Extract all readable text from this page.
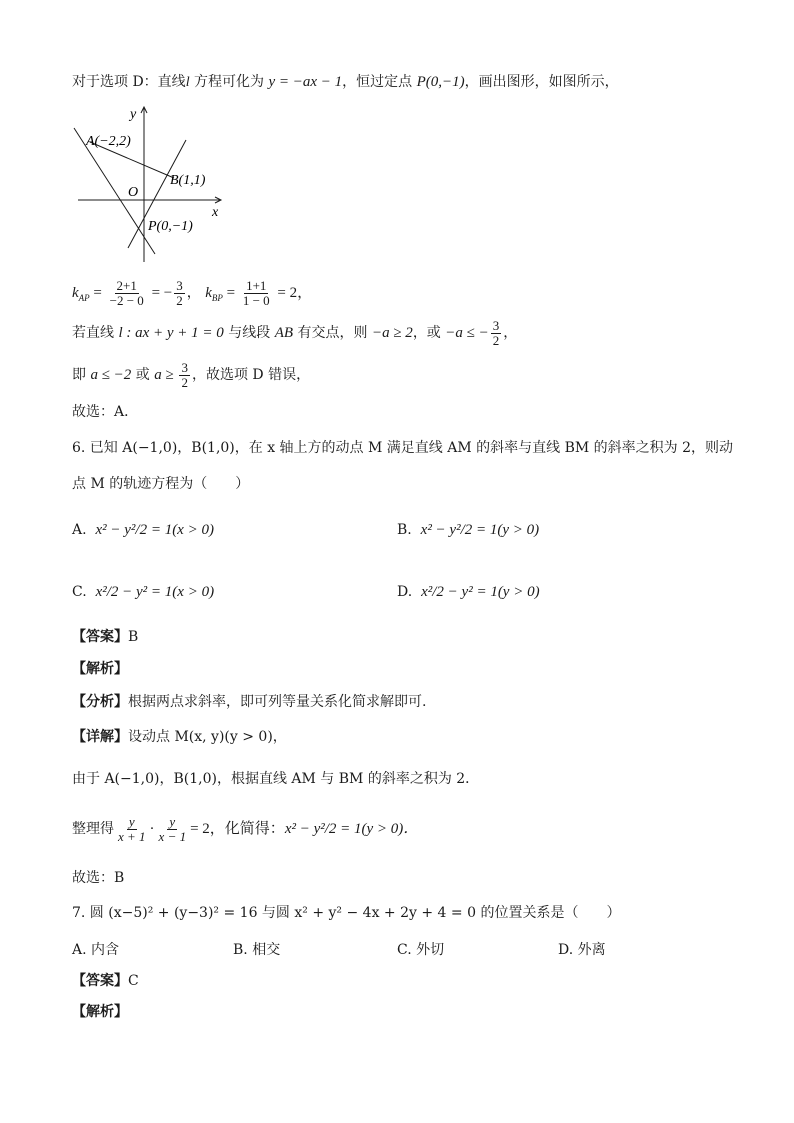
对于选项 D：直线l 方程可化为 y = −ax − 1，恒过定点 P(0,−1)，画出图形，如图所示，
y
x
O
A(−2,2)
B(1,1)
P(0,−1)
$k_{AP} = \frac{2+1}{-2 - 0}$ = − $\frac{3}{2}$ ， $k_{BP} = \frac{1+1}{1 - 0} = 2$，
若直线 l : ax + y + 1 = 0 与线段 AB 有交点，则 −a ≥ 2，或 −a ≤ − $\frac{3}{2}$ ，
即 a ≤ −2 或 $a \ge \frac{3}{2}$ ，故选项 D 错误，
故选：A．
6. 已知 A(−1,0)，B(1,0)，在 x 轴上方的动点 M 满足直线 AM 的斜率与直线 BM 的斜率之积为 2，则动
点 M 的轨迹方程为（　　）
A. x² − y²/2 = 1(x > 0)	B. x² − y²/2 = 1(y > 0)
C. x²/2 − y² = 1(x > 0)	D. x²/2 − y² = 1(y > 0)
【答案】B
【解析】
【分析】根据两点求斜率，即可列等量关系化简求解即可.
【详解】设动点 M(x, y)(y > 0)，
由于 A(−1,0)，B(1,0)，根据直线 AM 与 BM 的斜率之积为 2．
整理得 $\frac{y}{x + 1} \cdot \frac{y}{x - 1} = 2$，化简得：x² − y²/2 = 1(y > 0)．
故选：B
7. 圆 (x−5)² + (y−3)² = 16 与圆 x² + y² − 4x + 2y + 4 = 0 的位置关系是（　　）
A. 内含	B. 相交	C. 外切	D. 外离
【答案】C
【解析】
